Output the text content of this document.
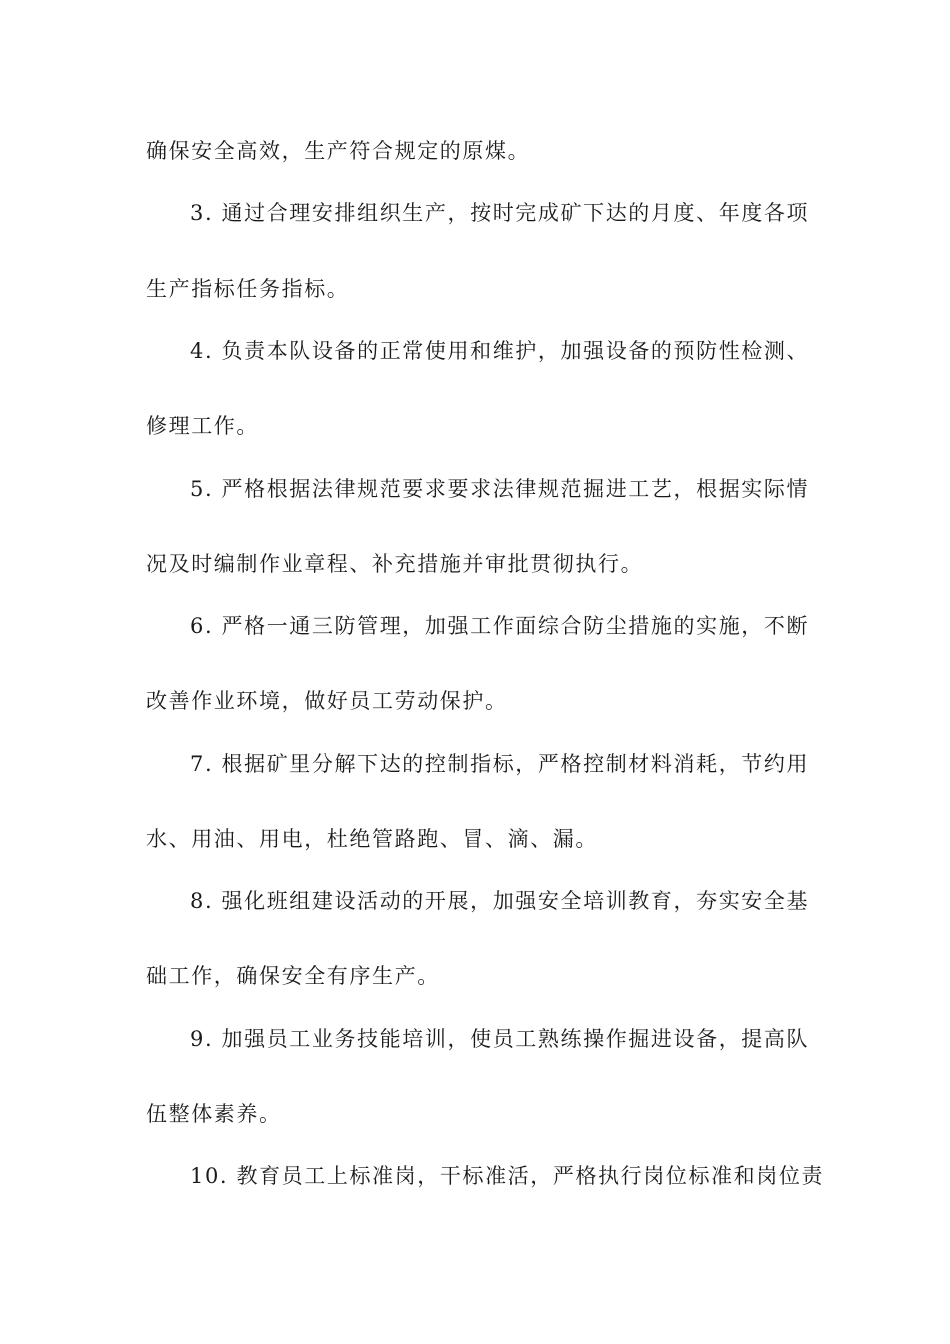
确保安全高效，生产符合规定的原煤。
3. 通过合理安排组织生产，按时完成矿下达的月度、年度各项
生产指标任务指标。
4. 负责本队设备的正常使用和维护，加强设备的预防性检测、
修理工作。
5. 严格根据法律规范要求要求法律规范掘进工艺，根据实际情
况及时编制作业章程、补充措施并审批贯彻执行。
6. 严格一通三防管理，加强工作面综合防尘措施的实施，不断
改善作业环境，做好员工劳动保护。
7. 根据矿里分解下达的控制指标，严格控制材料消耗，节约用
水、用油、用电，杜绝管路跑、冒、滴、漏。
8. 强化班组建设活动的开展，加强安全培训教育，夯实安全基
础工作，确保安全有序生产。
9. 加强员工业务技能培训，使员工熟练操作掘进设备，提高队
伍整体素养。
10. 教育员工上标准岗，干标准活，严格执行岗位标准和岗位责
